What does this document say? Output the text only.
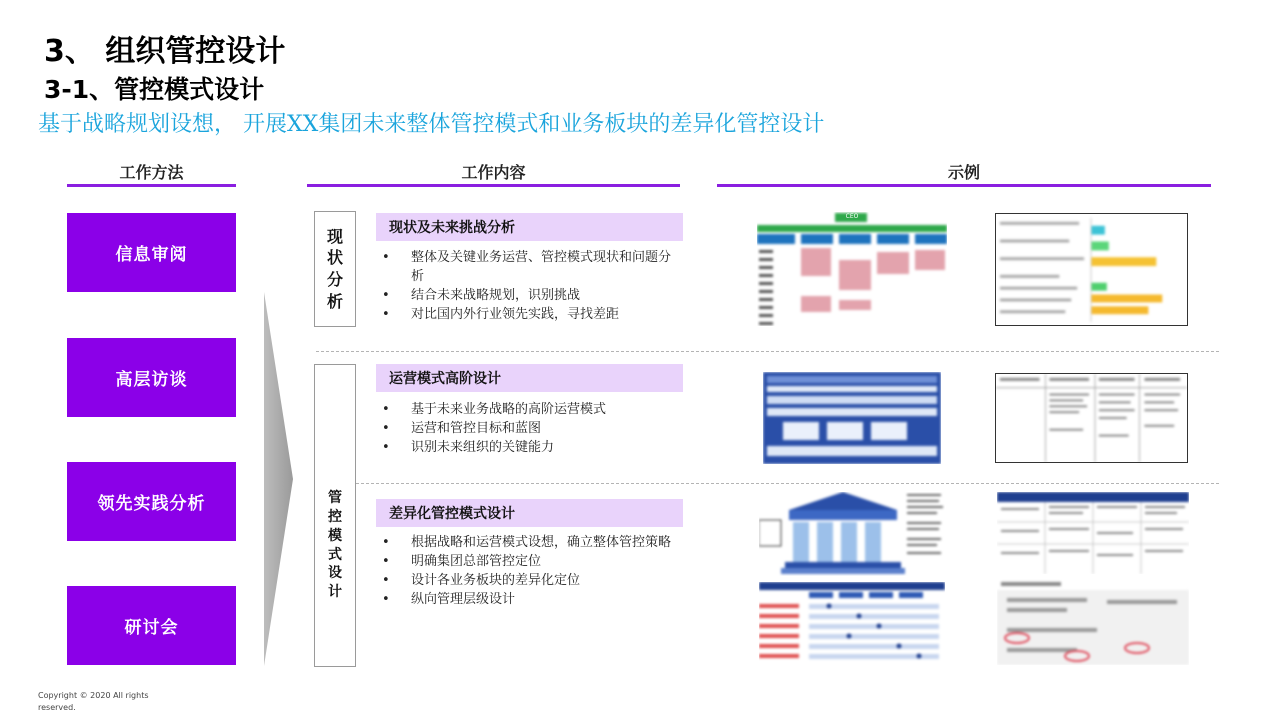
3、 组织管控设计
3-1、管控模式设计
基于战略规划设想， 开展XX集团未来整体管控模式和业务板块的差异化管控设计
工作方法	工作内容	示例
信息审阅
高层访谈
领先实践分析
研讨会
现
状
分
析
管
控
模
式
设
计
现状及未来挑战分析
• 整体及关键业务运营、管控模式现状和问题分析
• 结合未来战略规划，识别挑战
• 对比国内外行业领先实践，寻找差距
运营模式高阶设计
• 基于未来业务战略的高阶运营模式
• 运营和管控目标和蓝图
• 识别未来组织的关键能力
差异化管控模式设计
• 根据战略和运营模式设想，确立整体管控策略
• 明确集团总部管控定位
• 设计各业务板块的差异化定位
• 纵向管理层级设计
CEO
Copyright © 2020 All rights reserved.
